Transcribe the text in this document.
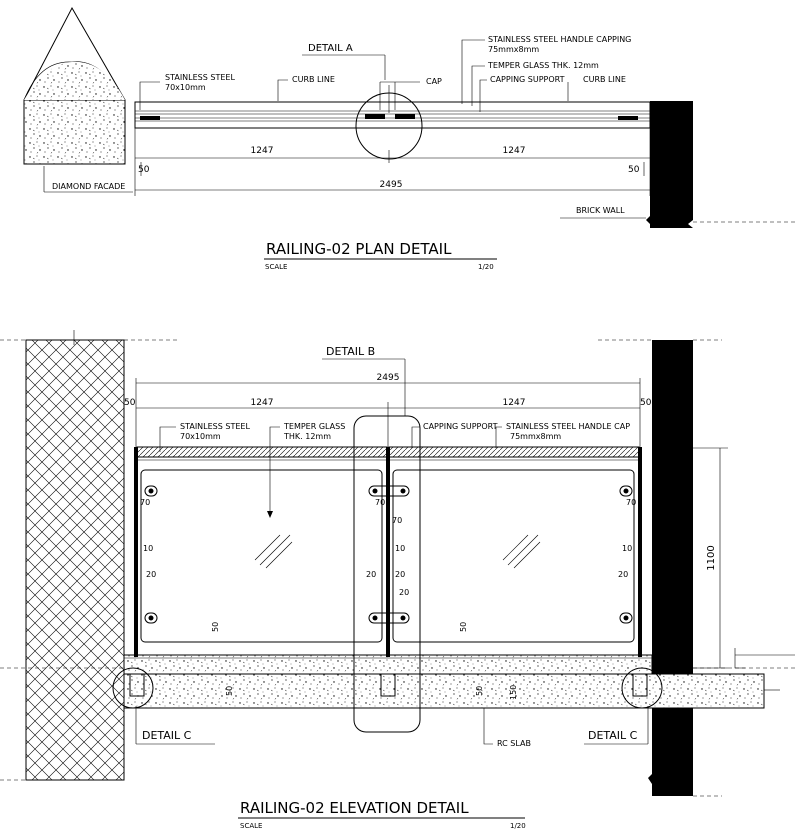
1247	1247
2495
50	50
DETAIL A
STAINLESS STEEL
70x10mm
CURB LINE	CAP
STAINLESS STEEL HANDLE CAPPING
75mmx8mm
TEMPER GLASS THK. 12mm
CAPPING SUPPORT CURB LINE
DIAMOND FACADE
BRICK WALL
RAILING-02 PLAN DETAIL
SCALE	1/20
2495
1247	1247
50	50
1100
70	70
70
70
10	10	10
20	20 20
20
20
50	50
50	50	150
DETAIL B
STAINLESS STEEL
70x10mm
TEMPER GLASS
THK. 12mm
CAPPING SUPPORT STAINLESS STEEL HANDLE CAP
75mmx8mm
DETAIL C	DETAIL C
RC SLAB
RAILING-02 ELEVATION DETAIL
SCALE	1/20
